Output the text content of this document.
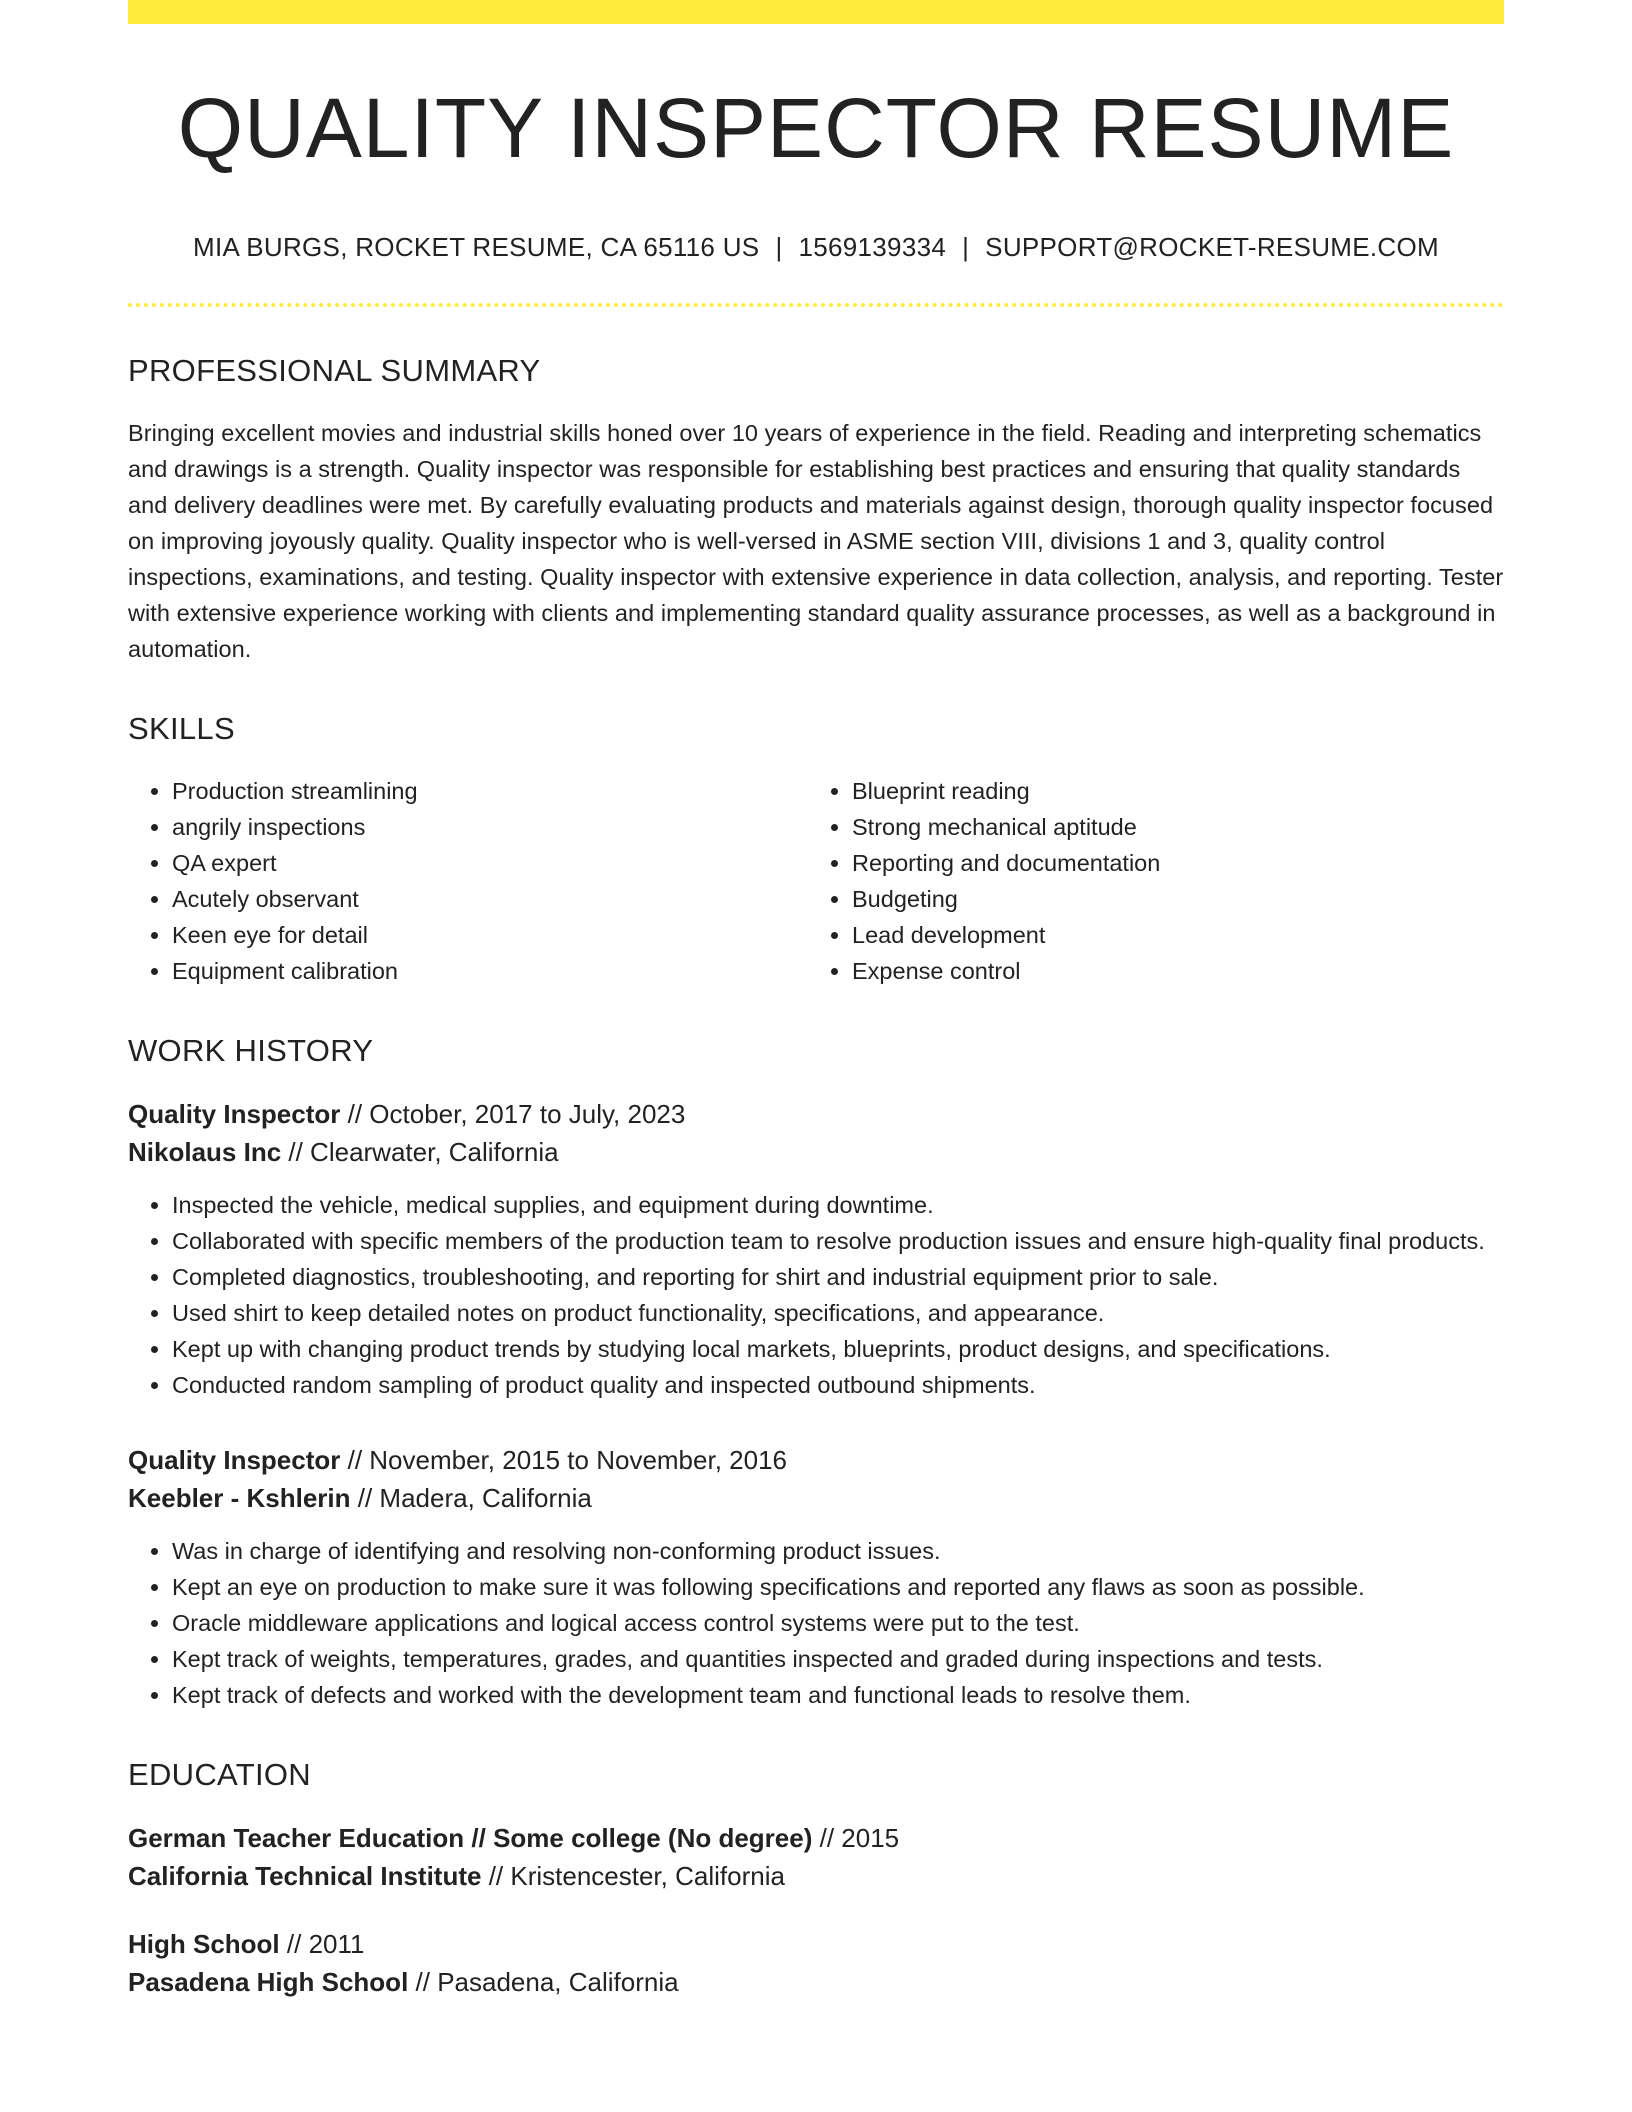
QUALITY INSPECTOR RESUME
MIA BURGS, ROCKET RESUME, CA 65116 US | 1569139334 | SUPPORT@ROCKET-RESUME.COM
PROFESSIONAL SUMMARY

Bringing excellent movies and industrial skills honed over 10 years of experience in the field. Reading and interpreting schematics and drawings is a strength. Quality inspector was responsible for establishing best practices and ensuring that quality standards and delivery deadlines were met. By carefully evaluating products and materials against design, thorough quality inspector focused on improving joyously quality. Quality inspector who is well-versed in ASME section VIII, divisions 1 and 3, quality control inspections, examinations, and testing. Quality inspector with extensive experience in data collection, analysis, and reporting. Tester with extensive experience working with clients and implementing standard quality assurance processes, as well as a background in automation.

SKILLS
• Production streamlining
• angrily inspections
• QA expert
• Acutely observant
• Keen eye for detail
• Equipment calibration
• Blueprint reading
• Strong mechanical aptitude
• Reporting and documentation
• Budgeting
• Lead development
• Expense control
WORK HISTORY

Quality Inspector // October, 2017 to July, 2023

Nikolaus Inc // Clearwater, California

• Inspected the vehicle, medical supplies, and equipment during downtime.
• Collaborated with specific members of the production team to resolve production issues and ensure high-quality final products.
• Completed diagnostics, troubleshooting, and reporting for shirt and industrial equipment prior to sale.
• Used shirt to keep detailed notes on product functionality, specifications, and appearance.
• Kept up with changing product trends by studying local markets, blueprints, product designs, and specifications.
• Conducted random sampling of product quality and inspected outbound shipments.

Quality Inspector // November, 2015 to November, 2016

Keebler - Kshlerin // Madera, California

• Was in charge of identifying and resolving non-conforming product issues.
• Kept an eye on production to make sure it was following specifications and reported any flaws as soon as possible.
• Oracle middleware applications and logical access control systems were put to the test.
• Kept track of weights, temperatures, grades, and quantities inspected and graded during inspections and tests.
• Kept track of defects and worked with the development team and functional leads to resolve them.
EDUCATION

German Teacher Education // Some college (No degree) // 2015

California Technical Institute // Kristencester, California

High School // 2011

Pasadena High School // Pasadena, California
